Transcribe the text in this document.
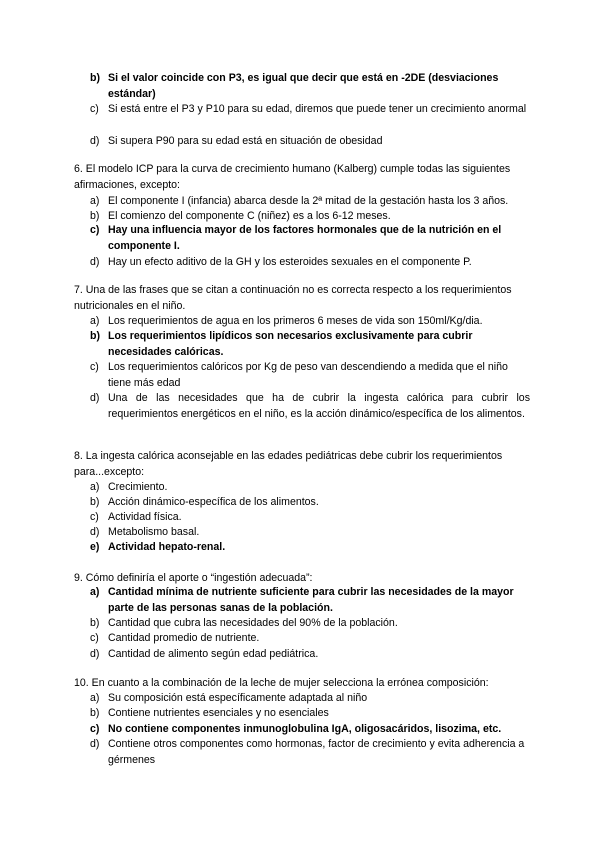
b) Si el valor coincide con P3, es igual que decir que está en -2DE (desviaciones estándar)
c) Si está entre el P3 y P10 para su edad, diremos que puede tener un crecimiento anormal
d) Si supera P90 para su edad está en situación de obesidad
6. El modelo ICP para la curva de crecimiento humano (Kalberg) cumple todas las siguientes afirmaciones, excepto:
a) El componente I (infancia) abarca desde la 2ª mitad de la gestación hasta los 3 años.
b) El comienzo del componente C (niñez) es a los 6-12 meses.
c) Hay una influencia mayor de los factores hormonales que de la nutrición en el componente I.
d) Hay un efecto aditivo de la GH y los esteroides sexuales en el componente P.
7. Una de las frases que se citan a continuación no es correcta respecto a los requerimientos nutricionales en el niño.
a) Los requerimientos de agua en los primeros 6 meses de vida son 150ml/Kg/dia.
b) Los requerimientos lipídicos son necesarios exclusivamente para cubrir necesidades calóricas.
c) Los requerimientos calóricos por Kg de peso van descendiendo a medida que el niño tiene más edad
d) Una de las necesidades que ha de cubrir la ingesta calórica para cubrir los requerimientos energéticos en el niño, es la acción dinámico/específica de los alimentos.
8. La ingesta calórica aconsejable en las edades pediátricas debe cubrir los requerimientos para...excepto:
a) Crecimiento.
b) Acción dinámico-específica de los alimentos.
c) Actividad física.
d) Metabolismo basal.
e) Actividad hepato-renal.
9. Cómo definiría el aporte o “ingestión adecuada”:
a) Cantidad mínima de nutriente suficiente para cubrir las necesidades de la mayor parte de las personas sanas de la población.
b) Cantidad que cubra las necesidades del 90% de la población.
c) Cantidad promedio de nutriente.
d) Cantidad de alimento según edad pediátrica.
10. En cuanto a la combinación de la leche de mujer selecciona la errónea composición:
a) Su composición está específicamente adaptada al niño
b) Contiene nutrientes esenciales y no esenciales
c) No contiene componentes inmunoglobulina IgA, oligosacáridos, lisozima, etc.
d) Contiene otros componentes como hormonas, factor de crecimiento y evita adherencia a gérmenes
